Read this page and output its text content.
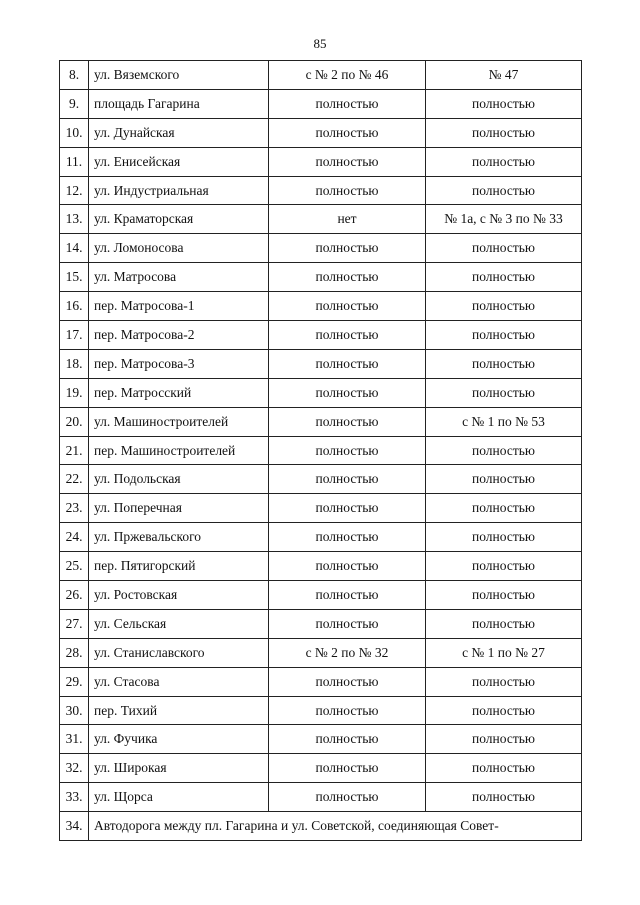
85
8.	ул. Вяземского	с № 2 по № 46	№ 47
9.	площадь Гагарина	полностью	полностью
10.	ул. Дунайская	полностью	полностью
11.	ул. Енисейская	полностью	полностью
12.	ул. Индустриальная	полностью	полностью
13.	ул. Краматорская	нет	№ 1а, с № 3 по № 33
14.	ул. Ломоносова	полностью	полностью
15.	ул. Матросова	полностью	полностью
16.	пер. Матросова-1	полностью	полностью
17.	пер. Матросова-2	полностью	полностью
18.	пер. Матросова-3	полностью	полностью
19.	пер. Матросский	полностью	полностью
20.	ул. Машиностроителей	полностью	с № 1 по № 53
21.	пер. Машиностроителей	полностью	полностью
22.	ул. Подольская	полностью	полностью
23.	ул. Поперечная	полностью	полностью
24.	ул. Пржевальского	полностью	полностью
25.	пер. Пятигорский	полностью	полностью
26.	ул. Ростовская	полностью	полностью
27.	ул. Сельская	полностью	полностью
28.	ул. Станиславского	с № 2 по № 32	с № 1 по № 27
29.	ул. Стасова	полностью	полностью
30.	пер. Тихий	полностью	полностью
31.	ул. Фучика	полностью	полностью
32.	ул. Широкая	полностью	полностью
33.	ул. Щорса	полностью	полностью
34.	Автодорога между пл. Гагарина и ул. Советской, соединяющая Совет-		
